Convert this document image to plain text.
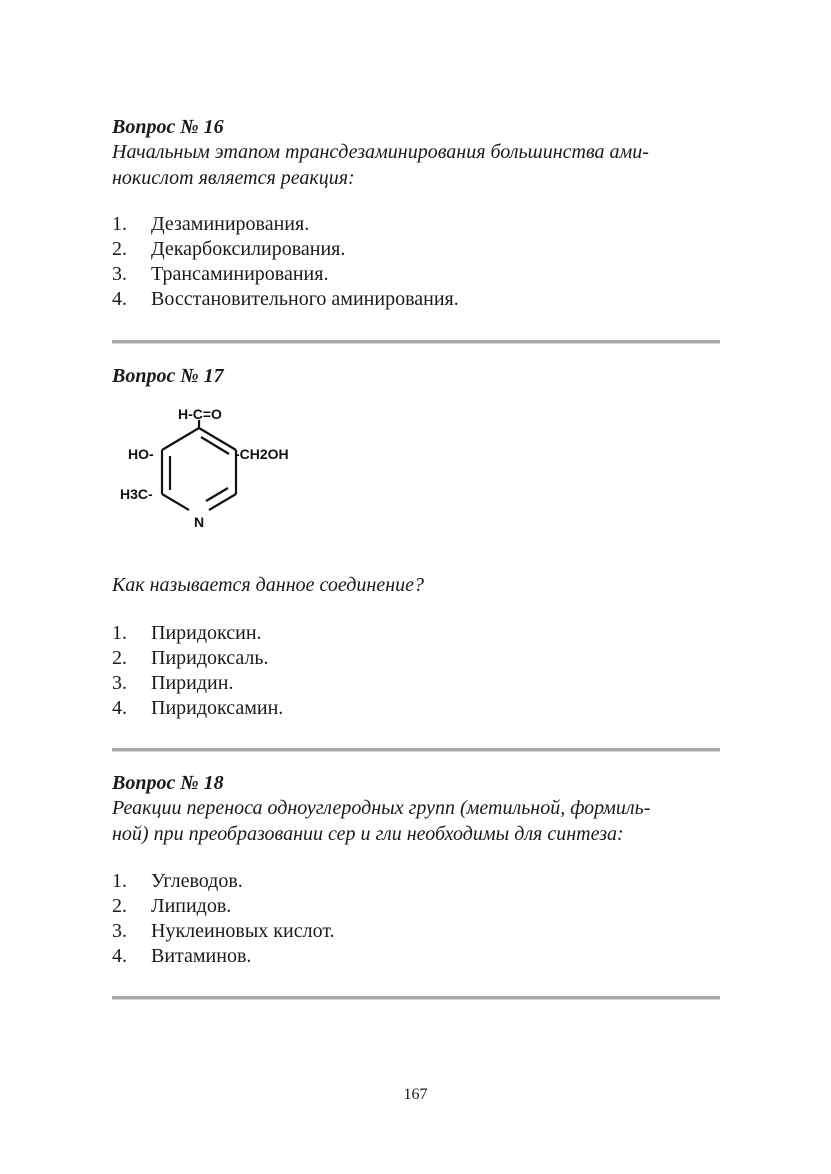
Вопрос № 16
Начальным этапом трансдезаминирования большинства ами-
нокислот является реакция:
1. Дезаминирования.
2. Декарбоксилирования.
3. Трансаминирования.
4. Восстановительного аминирования.
Вопрос № 17
H-C=O
HO-	-CH2OH
H3C-
N
Как называется данное соединение?
1. Пиридоксин.
2. Пиридоксаль.
3. Пиридин.
4. Пиридоксамин.
Вопрос № 18
Реакции переноса одноуглеродных групп (метильной, формиль-
ной) при преобразовании сер и гли необходимы для синтеза:
1. Углеводов.
2. Липидов.
3. Нуклеиновых кислот.
4. Витаминов.
167
